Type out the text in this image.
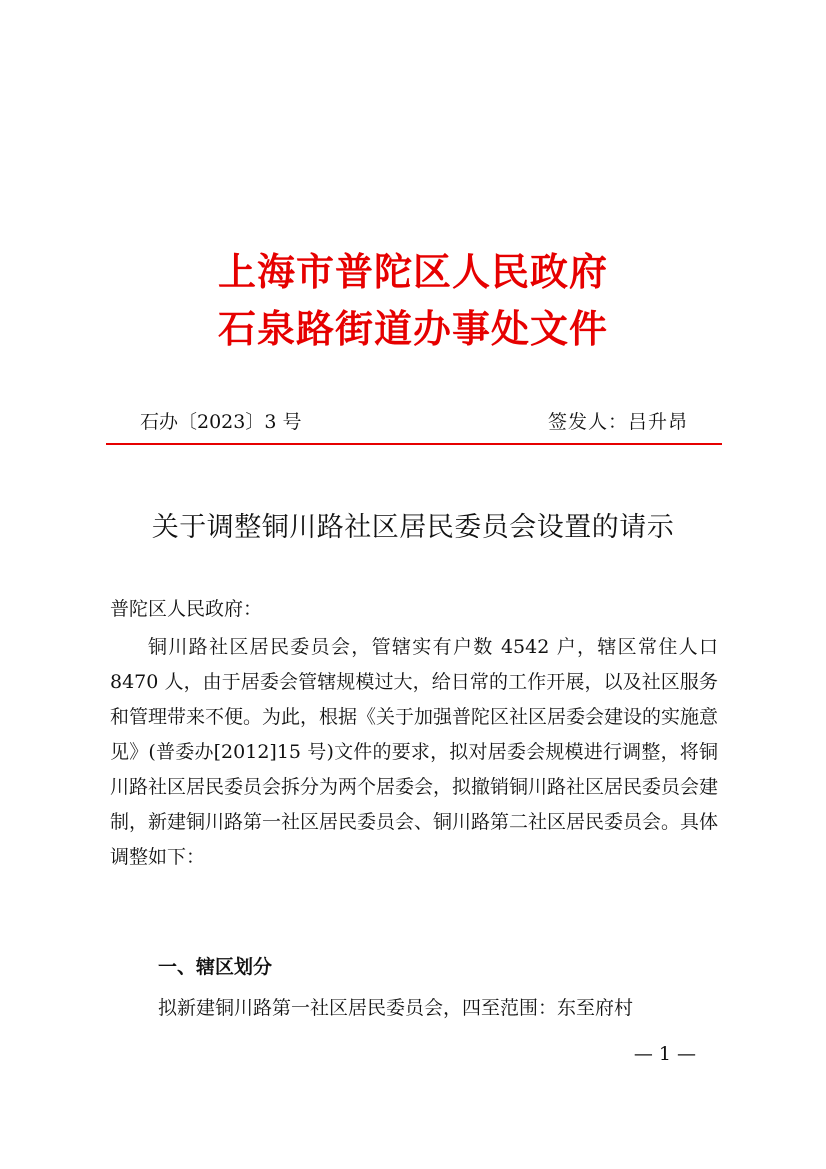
上海市普陀区人民政府
石泉路街道办事处文件
石办〔2023〕3 号	签发人：吕升昂
关于调整铜川路社区居民委员会设置的请示
普陀区人民政府：
铜川路社区居民委员会，管辖实有户数 4542 户，辖区常住人口 8470 人，由于居委会管辖规模过大，给日常的工作开展，以及社区服务和管理带来不便。为此，根据《关于加强普陀区社区居委会建设的实施意见》(普委办[2012]15 号)文件的要求，拟对居委会规模进行调整，将铜川路社区居民委员会拆分为两个居委会，拟撤销铜川路社区居民委员会建制，新建铜川路第一社区居民委员会、铜川路第二社区居民委员会。具体调整如下：
一、辖区划分
拟新建铜川路第一社区居民委员会，四至范围：东至府村
— 1 —
